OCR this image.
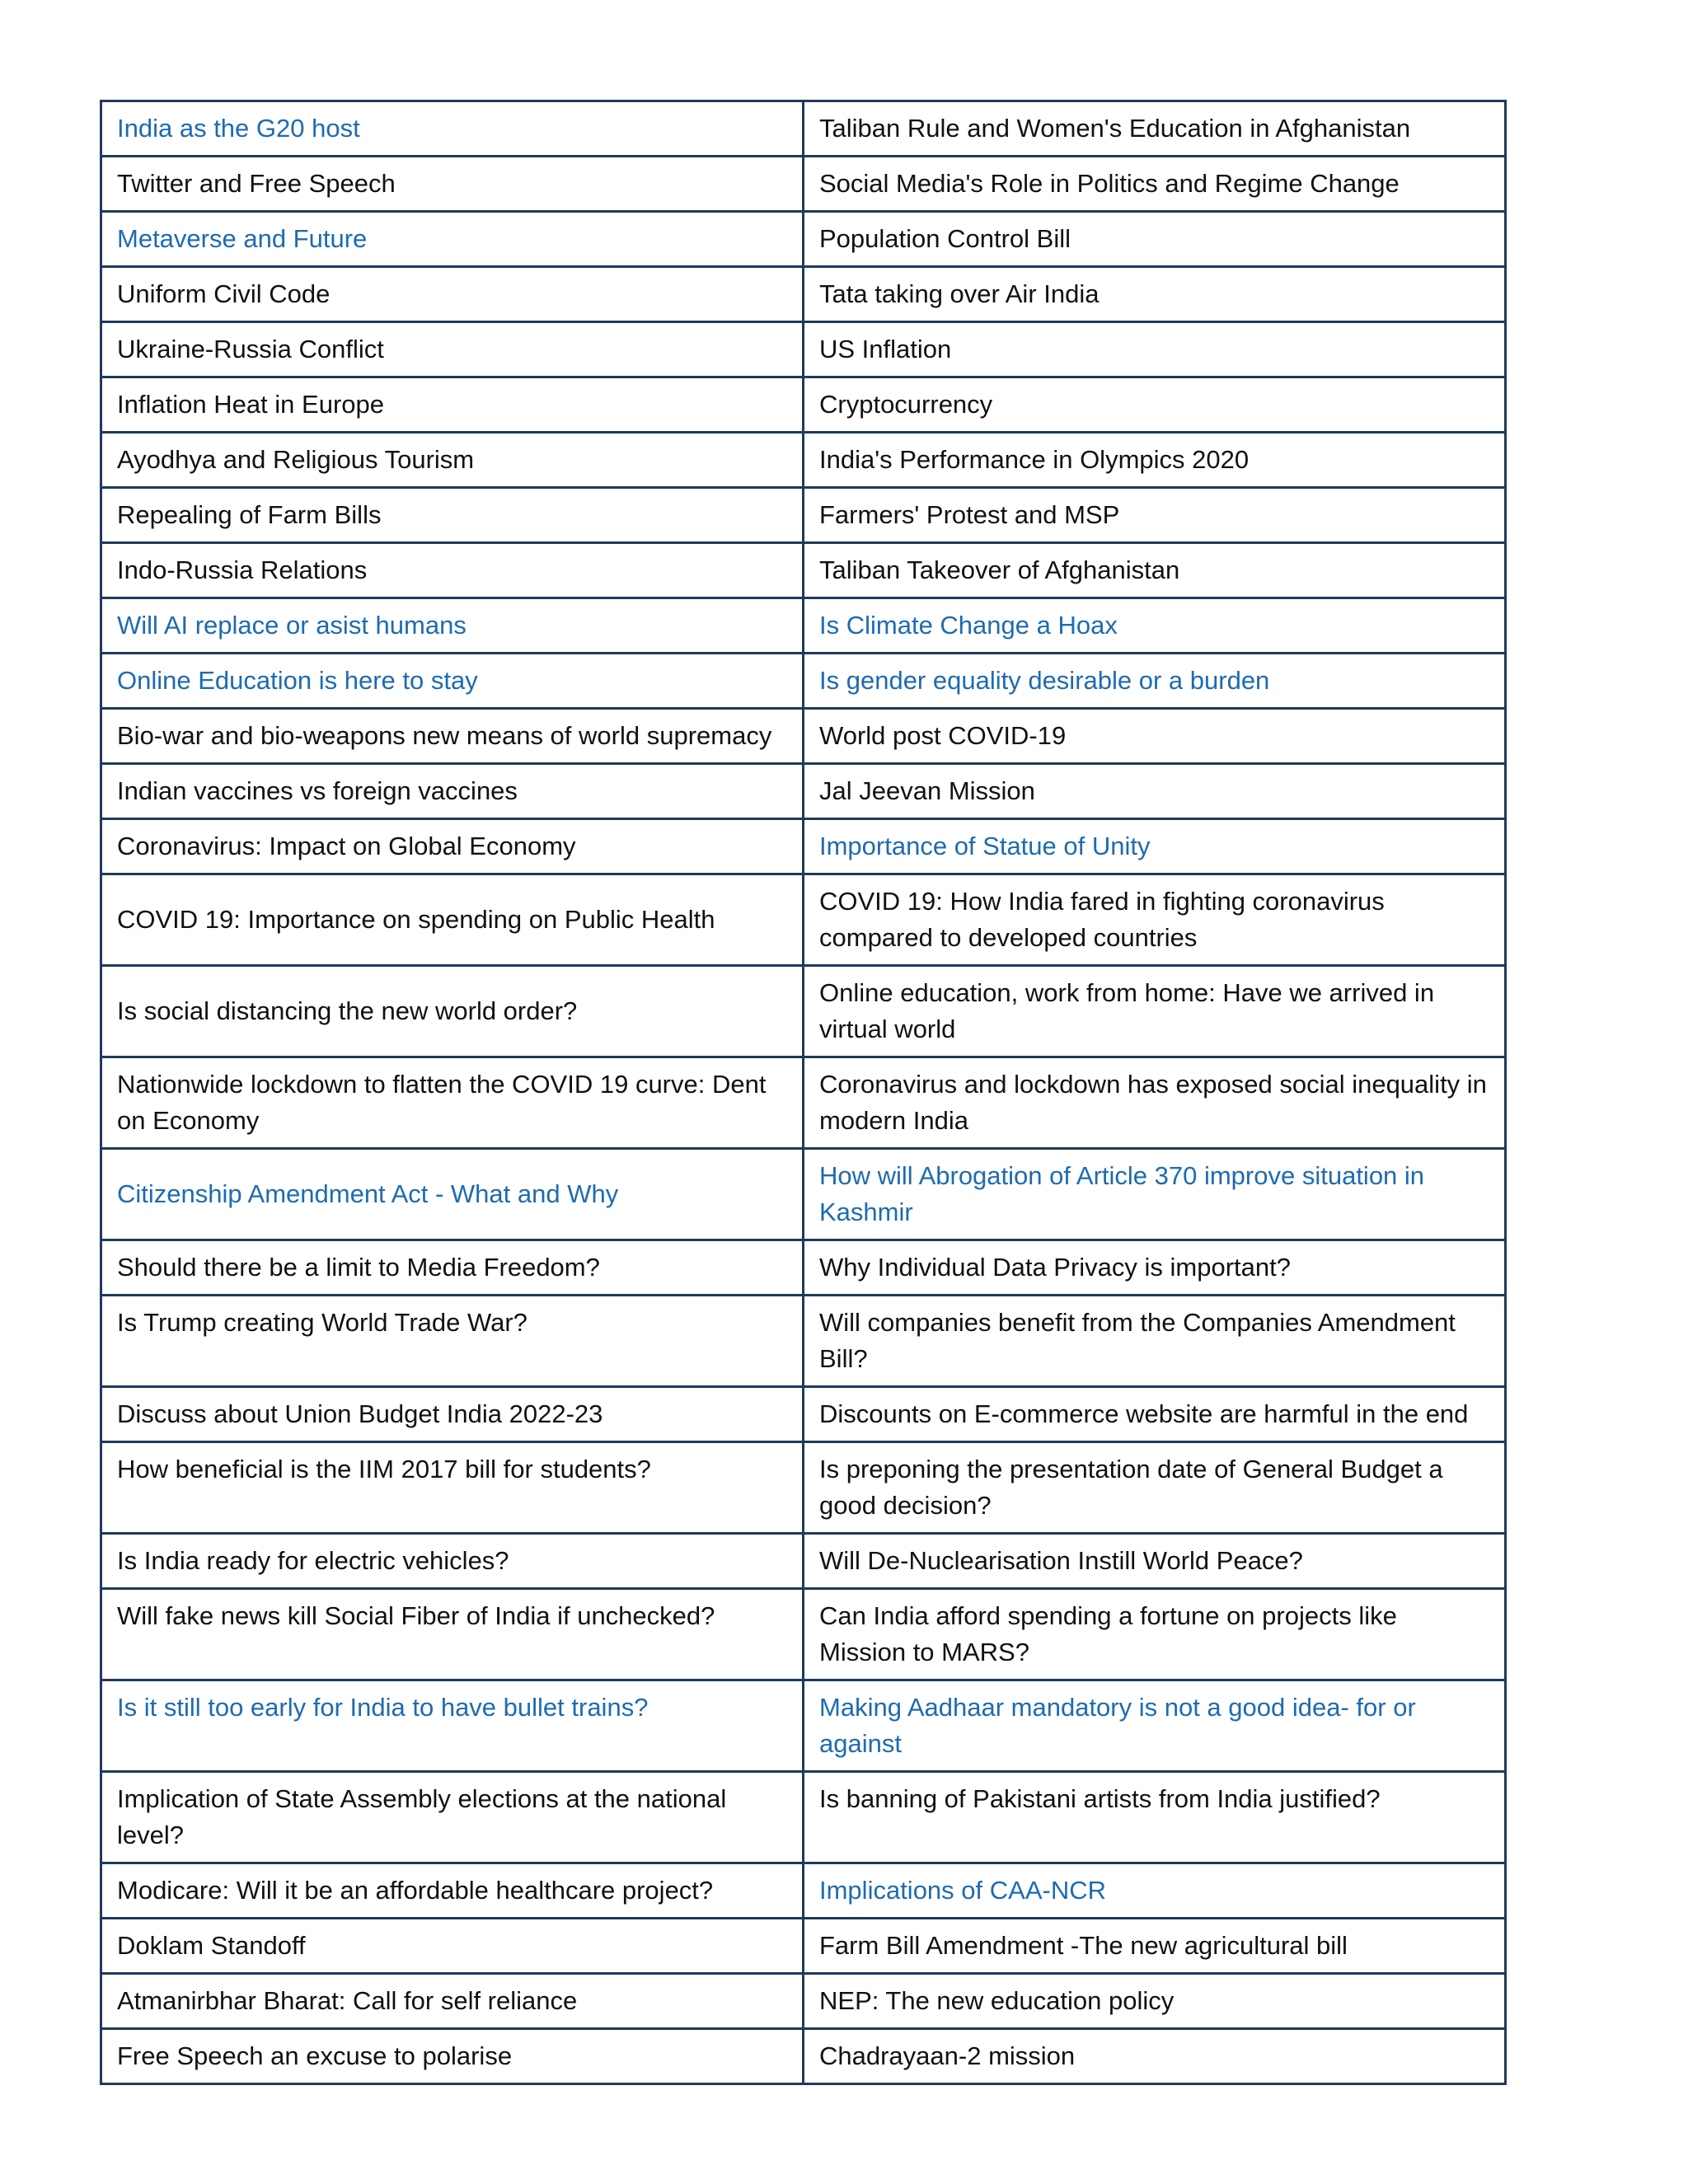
India as the G20 host	Taliban Rule and Women's Education in Afghanistan
Twitter and Free Speech	Social Media's Role in Politics and Regime Change
Metaverse and Future	Population Control Bill
Uniform Civil Code	Tata taking over Air India
Ukraine-Russia Conflict	US Inflation
Inflation Heat in Europe	Cryptocurrency
Ayodhya and Religious Tourism	India's Performance in Olympics 2020
Repealing of Farm Bills	Farmers' Protest and MSP
Indo-Russia Relations	Taliban Takeover of Afghanistan
Will AI replace or asist humans	Is Climate Change a Hoax
Online Education is here to stay	Is gender equality desirable or a burden
Bio-war and bio-weapons new means of world supremacy	World post COVID-19
Indian vaccines vs foreign vaccines	Jal Jeevan Mission
Coronavirus: Impact on Global Economy	Importance of Statue of Unity
COVID 19: Importance on spending on Public Health	COVID 19: How India fared in fighting coronavirus compared to developed countries
Is social distancing the new world order?	Online education, work from home: Have we arrived in virtual world
Nationwide lockdown to flatten the COVID 19 curve: Dent on Economy	Coronavirus and lockdown has exposed social inequality in modern India
Citizenship Amendment Act - What and Why	How will Abrogation of Article 370 improve situation in Kashmir
Should there be a limit to Media Freedom?	Why Individual Data Privacy is important?
Is Trump creating World Trade War?	Will companies benefit from the Companies Amendment Bill?
Discuss about Union Budget India 2022-23	Discounts on E-commerce website are harmful in the end
How beneficial is the IIM 2017 bill for students?	Is preponing the presentation date of General Budget a good decision?
Is India ready for electric vehicles?	Will De-Nuclearisation Instill World Peace?
Will fake news kill Social Fiber of India if unchecked?	Can India afford spending a fortune on projects like Mission to MARS?
Is it still too early for India to have bullet trains?	Making Aadhaar mandatory is not a good idea- for or against
Implication of State Assembly elections at the national level?	Is banning of Pakistani artists from India justified?
Modicare: Will it be an affordable healthcare project?	Implications of CAA-NCR
Doklam Standoff	Farm Bill Amendment -The new agricultural bill
Atmanirbhar Bharat: Call for self reliance	NEP: The new education policy
Free Speech an excuse to polarise	Chadrayaan-2 mission
